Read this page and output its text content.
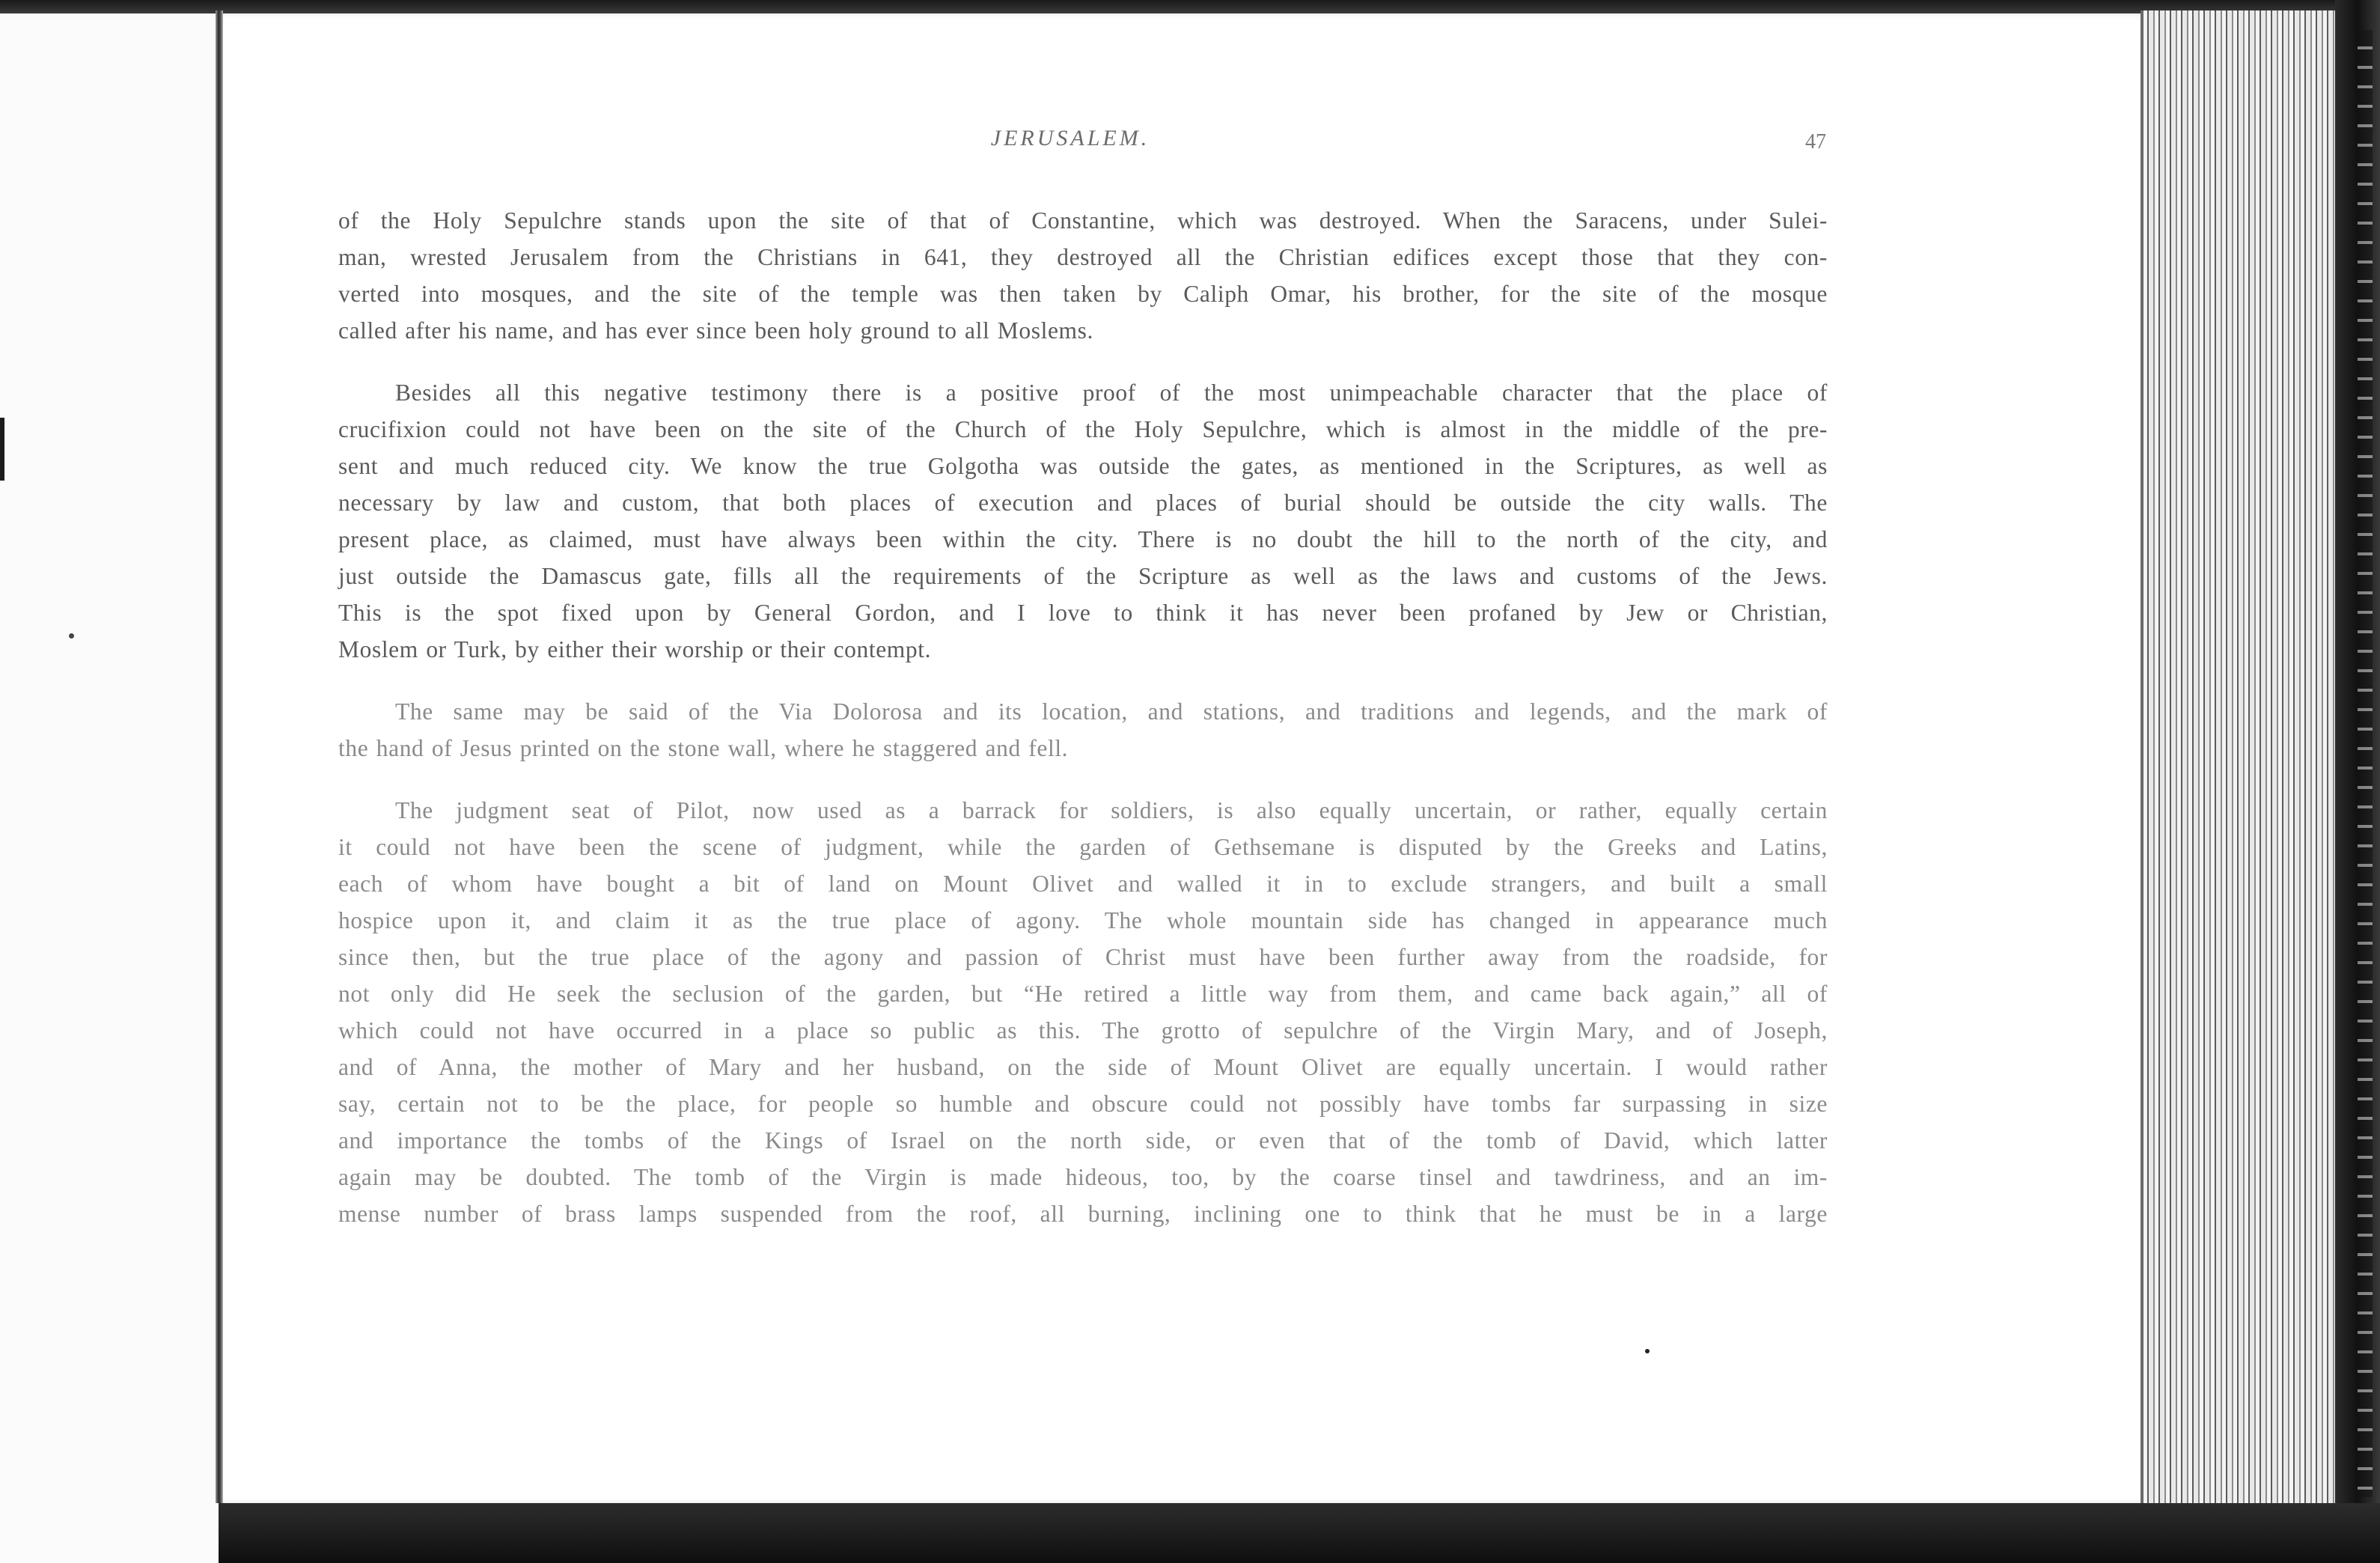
JERUSALEM.	47
of the Holy Sepulchre stands upon the site of that of Constantine, which was destroyed. When the Saracens, under Sulei-
man, wrested Jerusalem from the Christians in 641, they destroyed all the Christian edifices except those that they con-
verted into mosques, and the site of the temple was then taken by Caliph Omar, his brother, for the site of the mosque
called after his name, and has ever since been holy ground to all Moslems.
Besides all this negative testimony there is a positive proof of the most unimpeachable character that the place of
crucifixion could not have been on the site of the Church of the Holy Sepulchre, which is almost in the middle of the pre-
sent and much reduced city. We know the true Golgotha was outside the gates, as mentioned in the Scriptures, as well as
necessary by law and custom, that both places of execution and places of burial should be outside the city walls. The
present place, as claimed, must have always been within the city. There is no doubt the hill to the north of the city, and
just outside the Damascus gate, fills all the requirements of the Scripture as well as the laws and customs of the Jews.
This is the spot fixed upon by General Gordon, and I love to think it has never been profaned by Jew or Christian,
Moslem or Turk, by either their worship or their contempt.
The same may be said of the Via Dolorosa and its location, and stations, and traditions and legends, and the mark of
the hand of Jesus printed on the stone wall, where he staggered and fell.
The judgment seat of Pilot, now used as a barrack for soldiers, is also equally uncertain, or rather, equally certain
it could not have been the scene of judgment, while the garden of Gethsemane is disputed by the Greeks and Latins,
each of whom have bought a bit of land on Mount Olivet and walled it in to exclude strangers, and built a small
hospice upon it, and claim it as the true place of agony. The whole mountain side has changed in appearance much
since then, but the true place of the agony and passion of Christ must have been further away from the roadside, for
not only did He seek the seclusion of the garden, but “He retired a little way from them, and came back again,” all of
which could not have occurred in a place so public as this. The grotto of sepulchre of the Virgin Mary, and of Joseph,
and of Anna, the mother of Mary and her husband, on the side of Mount Olivet are equally uncertain. I would rather
say, certain not to be the place, for people so humble and obscure could not possibly have tombs far surpassing in size
and importance the tombs of the Kings of Israel on the north side, or even that of the tomb of David, which latter
again may be doubted. The tomb of the Virgin is made hideous, too, by the coarse tinsel and tawdriness, and an im-
mense number of brass lamps suspended from the roof, all burning, inclining one to think that he must be in a large
